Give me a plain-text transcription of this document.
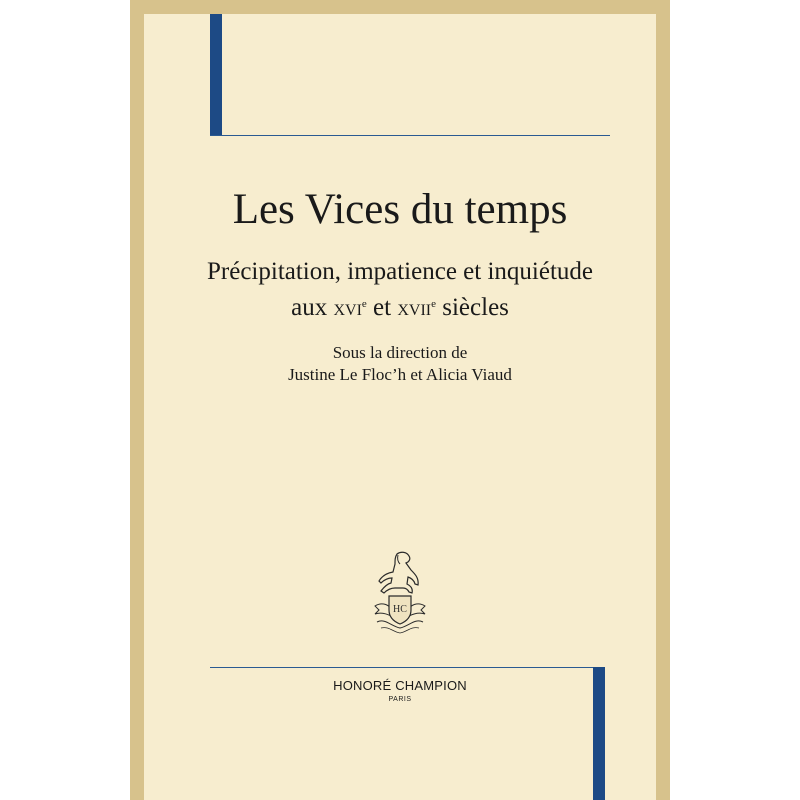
Les Vices du temps
Précipitation, impatience et inquiétude
aux XVIe et XVIIe siècles
Sous la direction de
Justine Le Floc’h et Alicia Viaud
HC
HONORÉ CHAMPION
PARIS
